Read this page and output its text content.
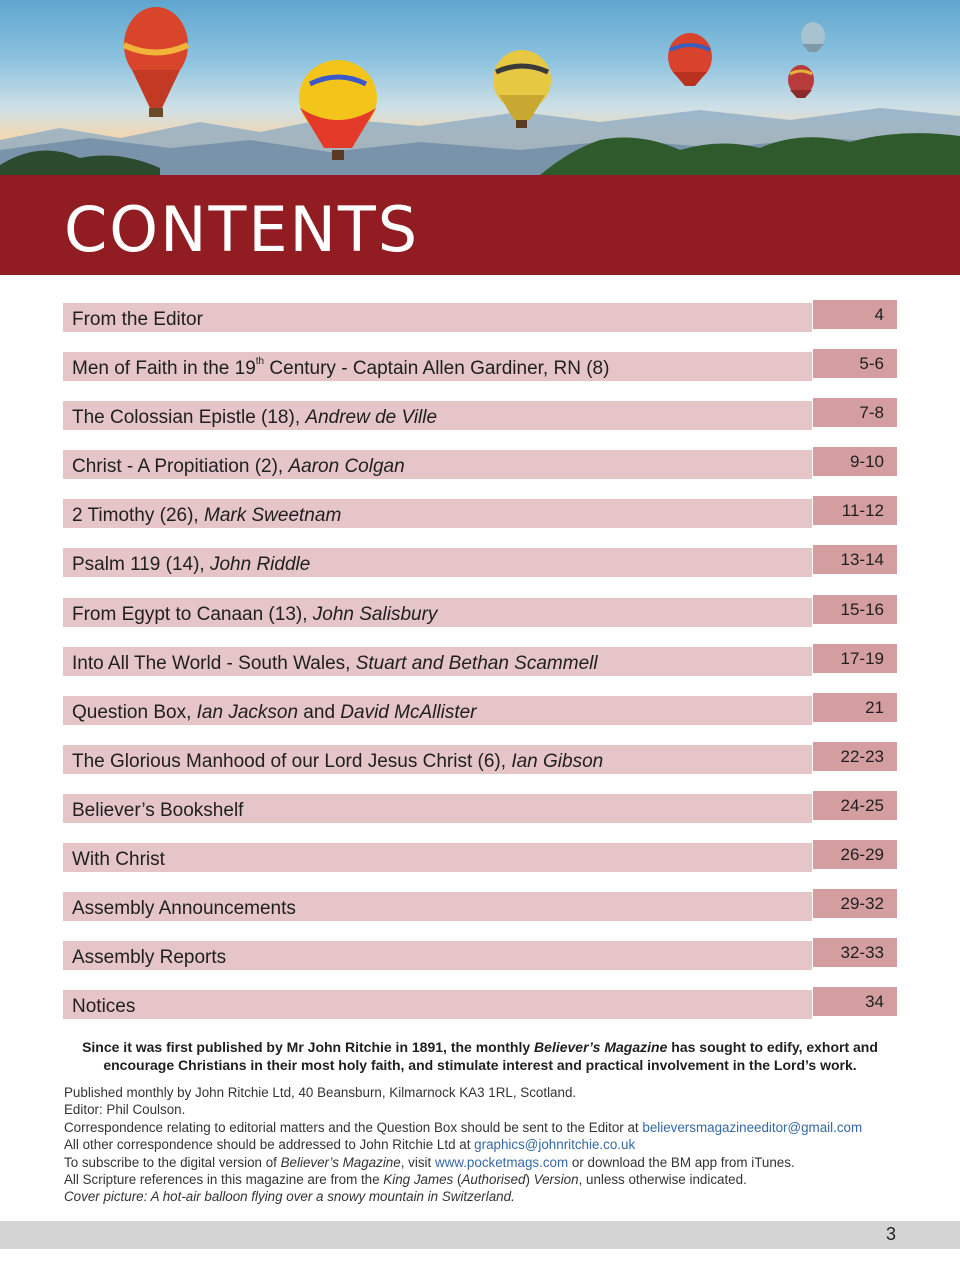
CONTENTS
From the Editor	4
Men of Faith in the 19th Century - Captain Allen Gardiner, RN (8)	5-6
The Colossian Epistle (18), Andrew de Ville	7-8
Christ - A Propitiation (2), Aaron Colgan	9-10
2 Timothy (26), Mark Sweetnam	11-12
Psalm 119 (14), John Riddle	13-14
From Egypt to Canaan (13), John Salisbury	15-16
Into All The World - South Wales, Stuart and Bethan Scammell	17-19
Question Box, Ian Jackson and David McAllister	21
The Glorious Manhood of our Lord Jesus Christ (6), Ian Gibson	22-23
Believer’s Bookshelf	24-25
With Christ	26-29
Assembly Announcements	29-32
Assembly Reports	32-33
Notices	34
Since it was first published by Mr John Ritchie in 1891, the monthly Believer’s Magazine has sought to edify, exhort and encourage Christians in their most holy faith, and stimulate interest and practical involvement in the Lord’s work.

Published monthly by John Ritchie Ltd, 40 Beansburn, Kilmarnock KA3 1RL, Scotland.

Editor: Phil Coulson.

Correspondence relating to editorial matters and the Question Box should be sent to the Editor at believersmagazineeditor@gmail.com

All other correspondence should be addressed to John Ritchie Ltd at graphics@johnritchie.co.uk

To subscribe to the digital version of Believer’s Magazine, visit www.pocketmags.com or download the BM app from iTunes.

All Scripture references in this magazine are from the King James (Authorised) Version, unless otherwise indicated.

Cover picture: A hot-air balloon flying over a snowy mountain in Switzerland.

3
